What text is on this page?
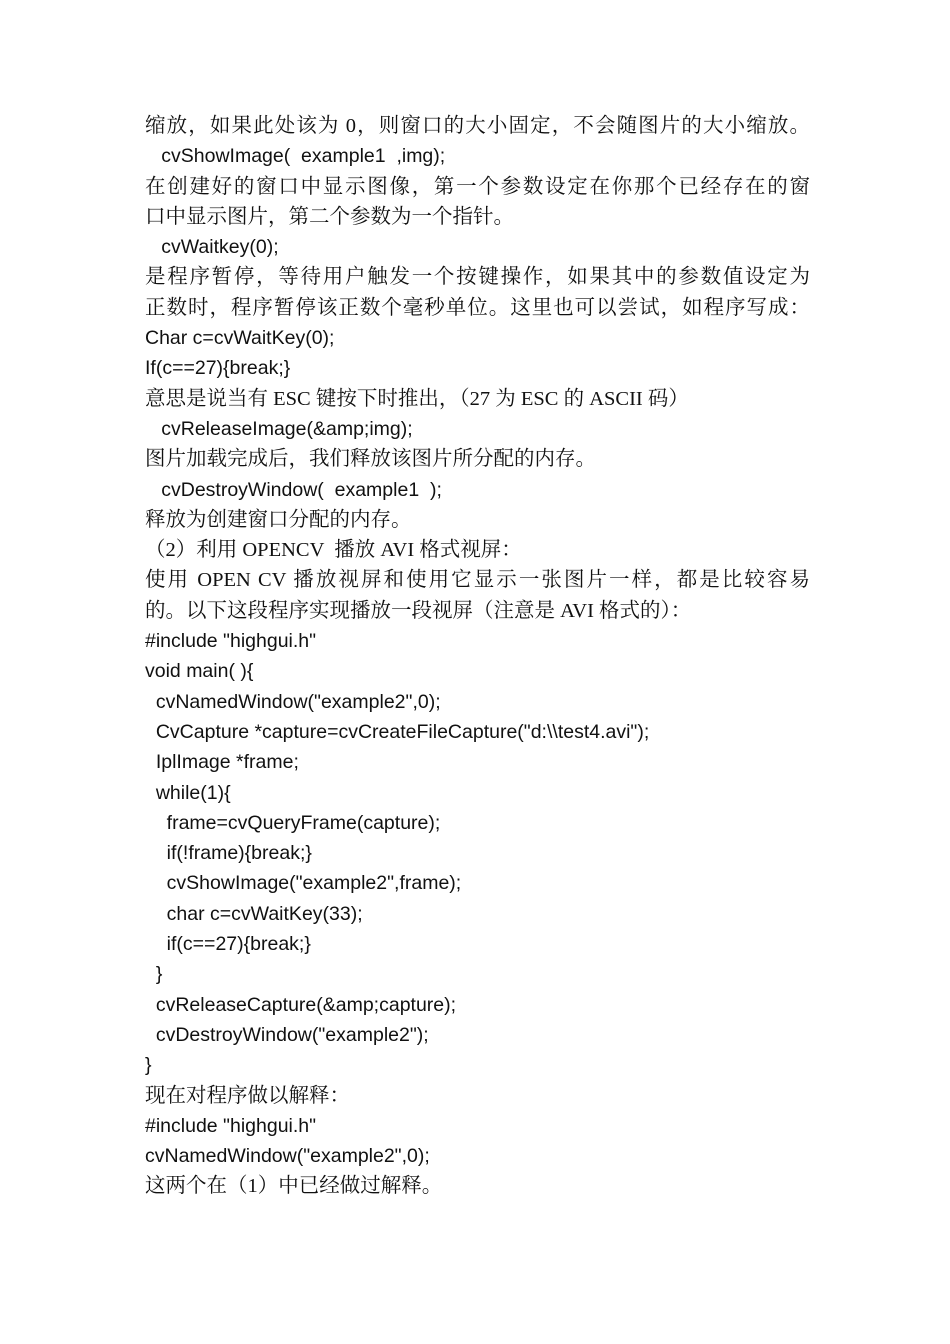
缩放，如果此处该为 0，则窗口的大小固定，不会随图片的大小缩放。
cvShowImage(  example1  ,img);
在创建好的窗口中显示图像，第一个参数设定在你那个已经存在的窗
口中显示图片，第二个参数为一个指针。
cvWaitkey(0);
是程序暂停，等待用户触发一个按键操作，如果其中的参数值设定为
正数时，程序暂停该正数个毫秒单位。这里也可以尝试，如程序写成：
Char c=cvWaitKey(0);
If(c==27){break;}
意思是说当有 ESC 键按下时推出，（27 为 ESC 的 ASCII 码）
cvReleaseImage(&amp;img);
图片加载完成后，我们释放该图片所分配的内存。
cvDestroyWindow(  example1  );
释放为创建窗口分配的内存。
（2）利用 OPENCV  播放 AVI 格式视屏：
使用 OPEN CV 播放视屏和使用它显示一张图片一样，都是比较容易
的。以下这段程序实现播放一段视屏（注意是 AVI 格式的）：
#include "highgui.h"
void main( ){
cvNamedWindow("example2",0);
CvCapture *capture=cvCreateFileCapture("d:\\test4.avi");
IplImage *frame;
while(1){
frame=cvQueryFrame(capture);
if(!frame){break;}
cvShowImage("example2",frame);
char c=cvWaitKey(33);
if(c==27){break;}
}
cvReleaseCapture(&amp;capture);
cvDestroyWindow("example2");
}
现在对程序做以解释：
#include "highgui.h"
cvNamedWindow("example2",0);
这两个在（1）中已经做过解释。
